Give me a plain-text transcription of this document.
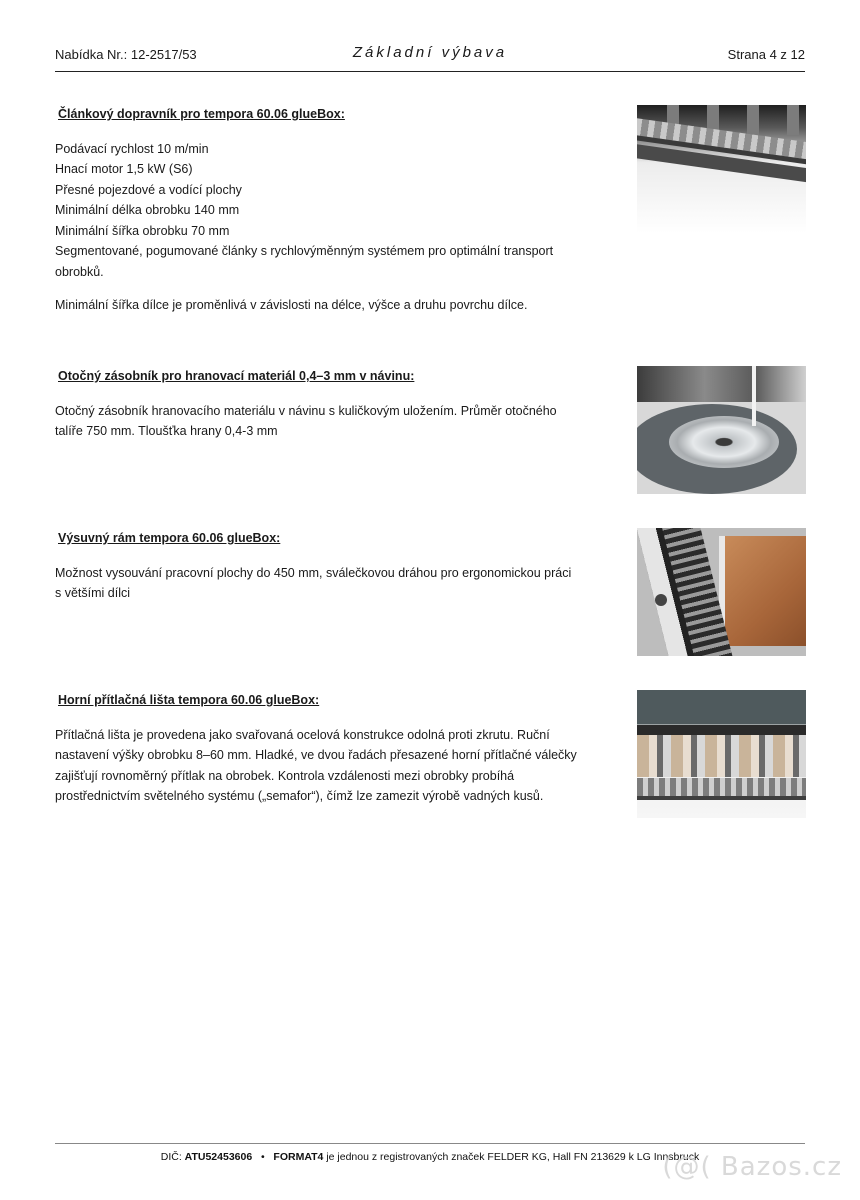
Nabídka Nr.: 12-2517/53	Základní výbava	Strana 4 z 12
Článkový dopravník pro tempora 60.06 glueBox:
Podávací rychlost 10 m/min
Hnací motor 1,5 kW (S6)
Přesné pojezdové a vodící plochy
Minimální délka obrobku 140 mm
Minimální šířka obrobku 70 mm
Segmentované, pogumované články s rychlovýměnným systémem pro optimální transport
obrobků.
Minimální šířka dílce je proměnlivá v závislosti na délce, výšce a druhu povrchu dílce.
Otočný zásobník pro hranovací materiál 0,4–3 mm v návinu:
Otočný zásobník hranovacího materiálu v návinu s kuličkovým uložením. Průměr otočného
talíře 750 mm. Tloušťka hrany 0,4-3 mm
Výsuvný rám tempora 60.06 glueBox:
Možnost vysouvání pracovní plochy do 450 mm, sválečkovou dráhou pro ergonomickou práci
s většími dílci
Horní přítlačná lišta tempora 60.06 glueBox:
Přítlačná lišta je provedena jako svařovaná ocelová konstrukce odolná proti zkrutu. Ruční
nastavení výšky obrobku 8–60 mm. Hladké, ve dvou řadách přesazené horní přítlačné válečky
zajišťují rovnoměrný přítlak na obrobek. Kontrola vzdálenosti mezi obrobky probíhá
prostřednictvím světelného systému („semafor“), čímž lze zamezit výrobě vadných kusů.
DIČ: ATU52453606 • FORMAT4 je jednou z registrovaných značek FELDER KG, Hall FN 213629 k LG Innsbruck
(@( Bazos.cz
